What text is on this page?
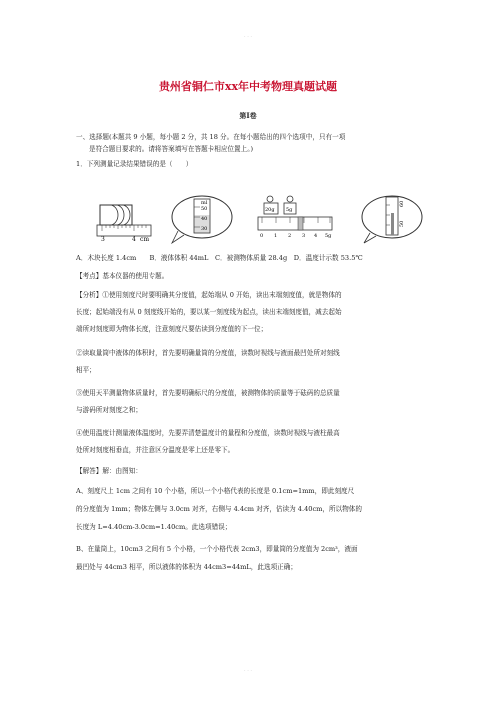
· · ·
贵州省铜仁市xx年中考物理真题试题
第Ⅰ卷
一、选择题(本题共 9 小题，每小题 2 分，共 18 分。在每小题给出的四个选项中，只有一项
是符合题目要求的。请将答案填写在答题卡相应位置上。)
1．下列测量记录结果错误的是（　　）
3	4 cm
ml
50
40
30
20g 5g
0 1 2 3 4 5g
60
50
A．木块长度 1.4cm　　B．液体体积 44mL　C．被测物体质量 28.4g　D．温度计示数 53.5℃
【考点】基本仪器的使用专题。
【分析】①使用刻度尺时要明确其分度值，起始端从 0 开始，读出末端刻度值，就是物体的
长度；起始端没有从 0 刻度线开始的，要以某一刻度线为起点，读出末端刻度值，减去起始
端所对刻度即为物体长度，注意刻度尺要估读到分度值的下一位；
②读取量筒中液体的体积时，首先要明确量筒的分度值，读数时视线与液面最凹处所对刻线
相平；
③使用天平测量物体质量时，首先要明确标尺的分度值，被测物体的质量等于砝码的总质量
与游码所对刻度之和；
④使用温度计测量液体温度时，先要弄清楚温度计的量程和分度值，读数时视线与液柱最高
处所对刻度相垂直，并注意区分温度是零上还是零下。
【解答】解：由图知：
A、刻度尺上 1cm 之间有 10 个小格，所以一个小格代表的长度是 0.1cm=1mm，即此刻度尺
的分度值为 1mm；物体左侧与 3.0cm 对齐，右侧与 4.4cm 对齐，估读为 4.40cm，所以物体的
长度为 L=4.40cm-3.0cm=1.40cm。此选项错误；
B、在量筒上，10cm3 之间有 5 个小格，一个小格代表 2cm3，即量筒的分度值为 2cm³，液面
最凹处与 44cm3 相平，所以液体的体积为 44cm3=44mL，此选项正确；
· · ·
